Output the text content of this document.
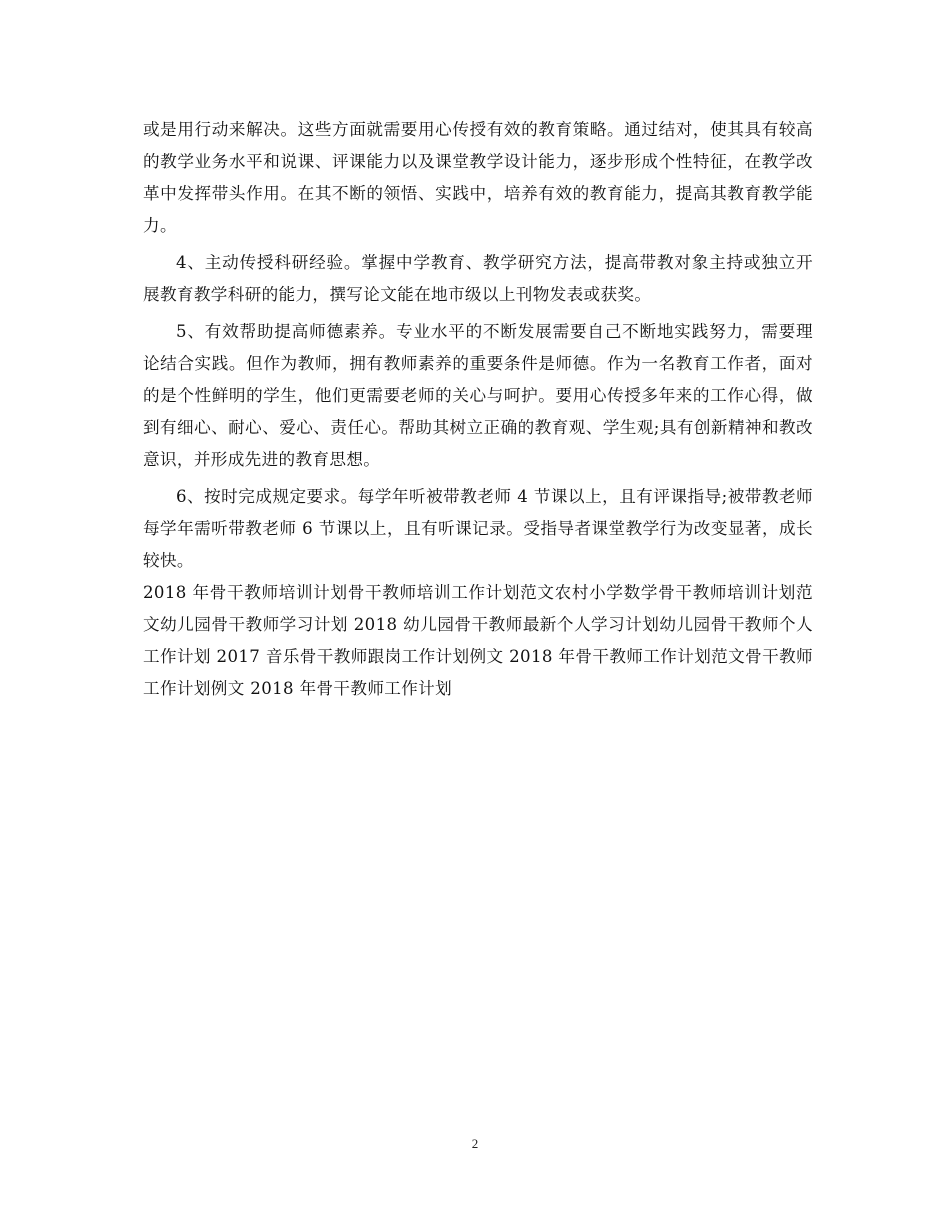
或是用行动来解决。这些方面就需要用心传授有效的教育策略。通过结对，使其具有较高的教学业务水平和说课、评课能力以及课堂教学设计能力，逐步形成个性特征，在教学改革中发挥带头作用。在其不断的领悟、实践中，培养有效的教育能力，提高其教育教学能力。

4、主动传授科研经验。掌握中学教育、教学研究方法，提高带教对象主持或独立开展教育教学科研的能力，撰写论文能在地市级以上刊物发表或获奖。

5、有效帮助提高师德素养。专业水平的不断发展需要自己不断地实践努力，需要理论结合实践。但作为教师，拥有教师素养的重要条件是师德。作为一名教育工作者，面对的是个性鲜明的学生，他们更需要老师的关心与呵护。要用心传授多年来的工作心得，做到有细心、耐心、爱心、责任心。帮助其树立正确的教育观、学生观;具有创新精神和教改意识，并形成先进的教育思想。

6、按时完成规定要求。每学年听被带教老师 4 节课以上，且有评课指导;被带教老师每学年需听带教老师 6 节课以上，且有听课记录。受指导者课堂教学行为改变显著，成长较快。

2018 年骨干教师培训计划骨干教师培训工作计划范文农村小学数学骨干教师培训计划范文幼儿园骨干教师学习计划 2018 幼儿园骨干教师最新个人学习计划幼儿园骨干教师个人工作计划 2017 音乐骨干教师跟岗工作计划例文 2018 年骨干教师工作计划范文骨干教师工作计划例文 2018 年骨干教师工作计划

2
